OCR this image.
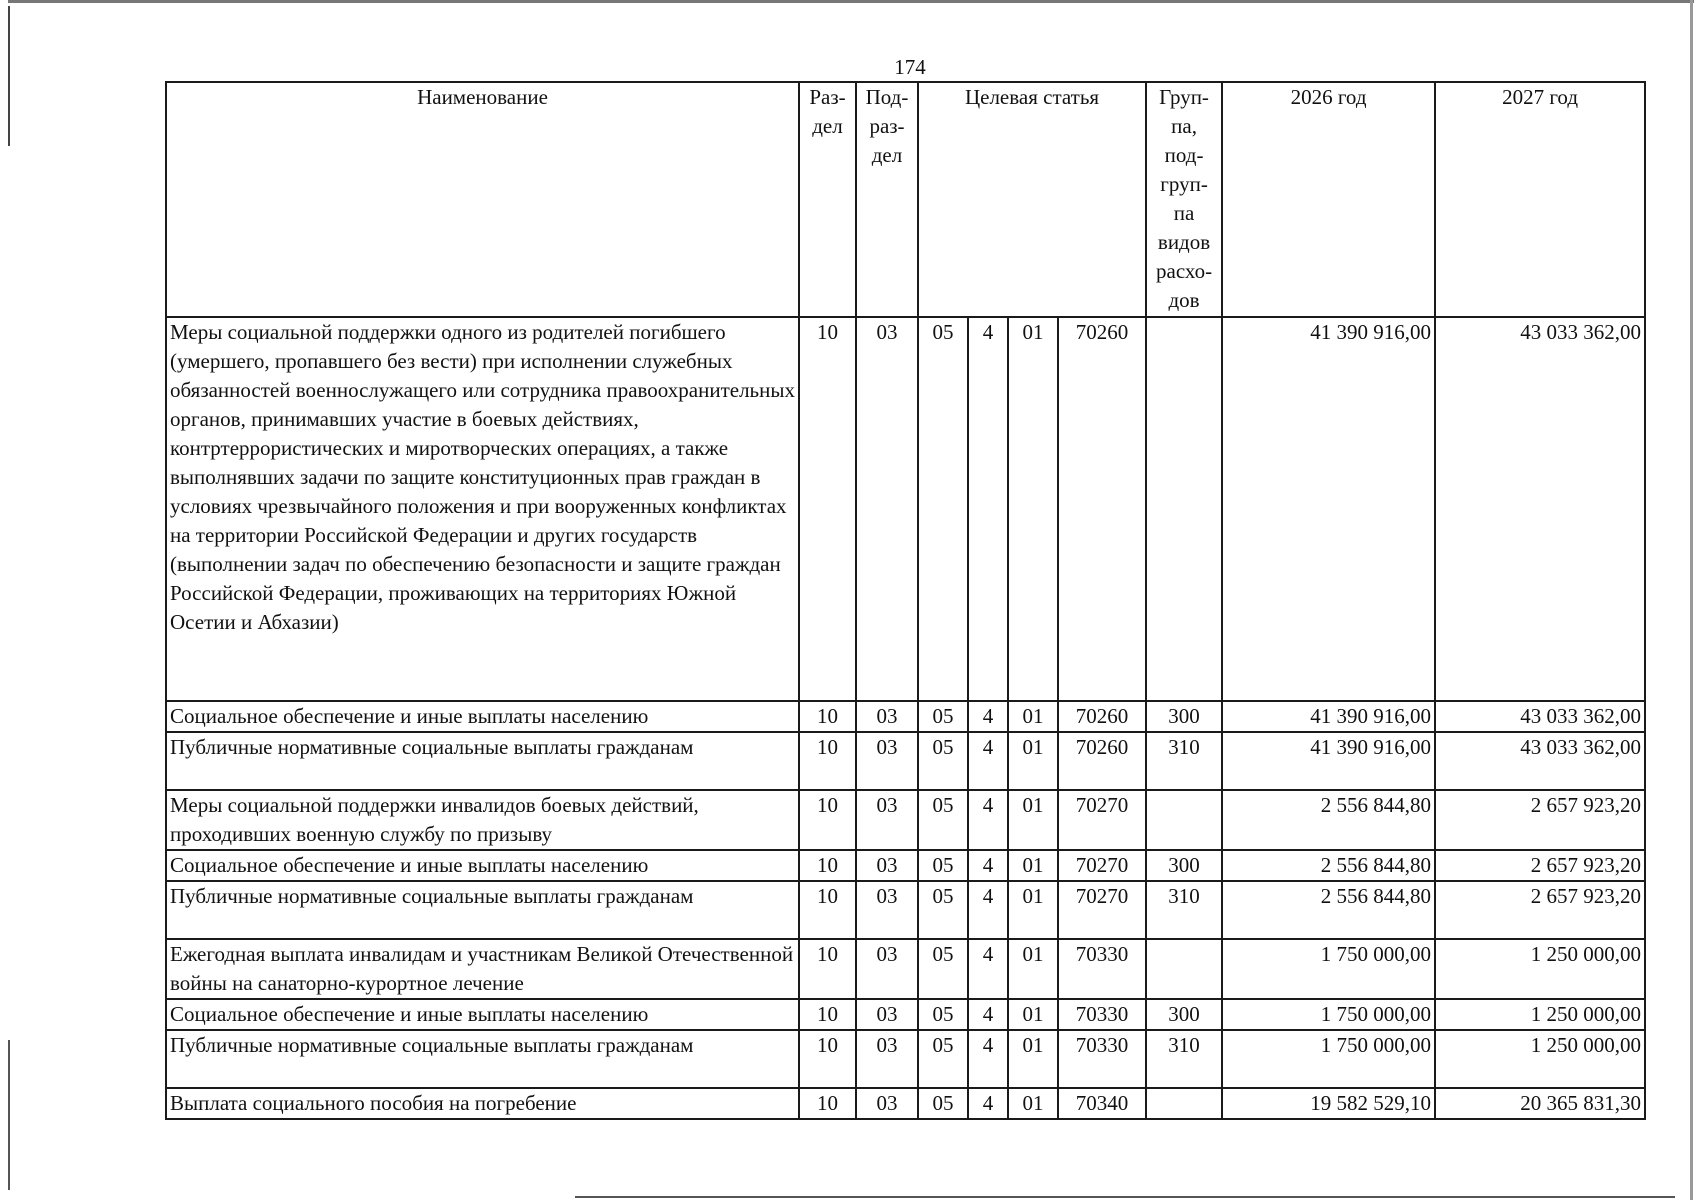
174
Наименование	Раз-дел	Под-раз-дел	Целевая статья				Груп-па, под-груп-па видов расхо-дов	2026 год	2027 год
Меры социальной поддержки одного из родителей погибшего (умершего, пропавшего без вести) при исполнении служебных обязанностей военнослужащего или сотрудника правоохранительных органов, принимавших участие в боевых действиях, контртеррористических и миротворческих операциях, а также выполнявших задачи по защите конституционных прав граждан в условиях чрезвычайного положения и при вооруженных конфликтах на территории Российской Федерации и других государств (выполнении задач по обеспечению безопасности и защите граждан Российской Федерации, проживающих на территориях Южной Осетии и Абхазии)	10	03	05	4	01	70260		41 390 916,00	43 033 362,00
Социальное обеспечение и иные выплаты населению	10	03	05	4	01	70260	300	41 390 916,00	43 033 362,00
Публичные нормативные социальные выплаты гражданам	10	03	05	4	01	70260	310	41 390 916,00	43 033 362,00
Меры социальной поддержки инвалидов боевых действий, проходивших военную службу по призыву	10	03	05	4	01	70270		2 556 844,80	2 657 923,20
Социальное обеспечение и иные выплаты населению	10	03	05	4	01	70270	300	2 556 844,80	2 657 923,20
Публичные нормативные социальные выплаты гражданам	10	03	05	4	01	70270	310	2 556 844,80	2 657 923,20
Ежегодная выплата инвалидам и участникам Великой Отечественной войны на санаторно-курортное лечение	10	03	05	4	01	70330		1 750 000,00	1 250 000,00
Социальное обеспечение и иные выплаты населению	10	03	05	4	01	70330	300	1 750 000,00	1 250 000,00
Публичные нормативные социальные выплаты гражданам	10	03	05	4	01	70330	310	1 750 000,00	1 250 000,00
Выплата социального пособия на погребение	10	03	05	4	01	70340		19 582 529,10	20 365 831,30
